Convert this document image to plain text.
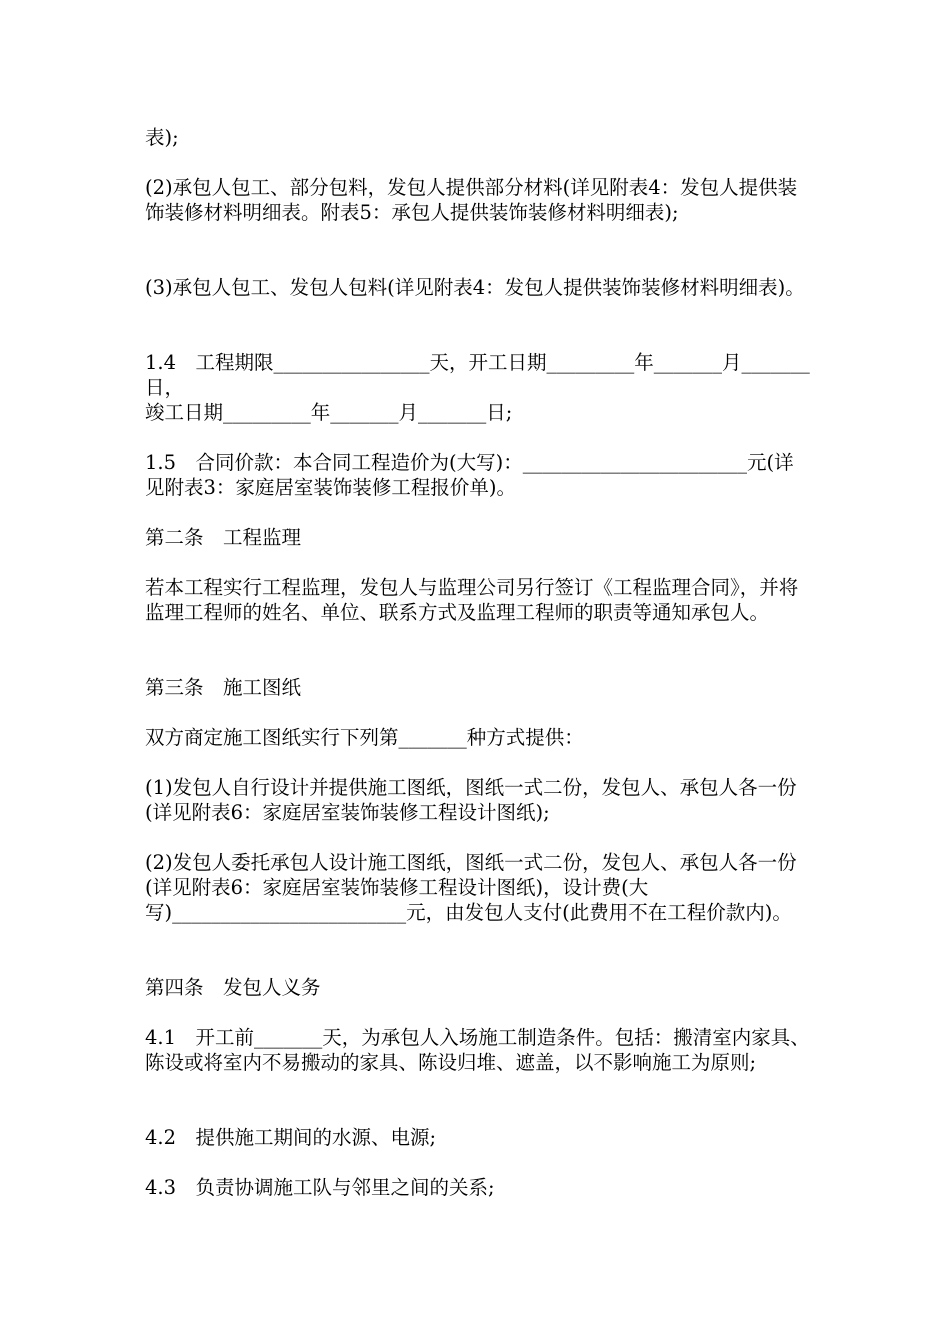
表);

(2)承包人包工、部分包料，发包人提供部分材料(详见附表4：发包人提供装饰装修材料明细表。附表5：承包人提供装饰装修材料明细表);

(3)承包人包工、发包人包料(详见附表4：发包人提供装饰装修材料明细表)。

1.4　工程期限________________天，开工日期_________年_______月_______日，
竣工日期_________年_______月_______日;

1.5　合同价款：本合同工程造价为(大写)：_______________________元(详见附表3：家庭居室装饰装修工程报价单)。

第二条　工程监理

若本工程实行工程监理，发包人与监理公司另行签订《工程监理合同》，并将监理工程师的姓名、单位、联系方式及监理工程师的职责等通知承包人。

第三条　施工图纸

双方商定施工图纸实行下列第_______种方式提供：

(1)发包人自行设计并提供施工图纸，图纸一式二份，发包人、承包人各一份(详见附表6：家庭居室装饰装修工程设计图纸);

(2)发包人委托承包人设计施工图纸，图纸一式二份，发包人、承包人各一份(详见附表6：家庭居室装饰装修工程设计图纸)，设计费(大写)________________________元，由发包人支付(此费用不在工程价款内)。

第四条　发包人义务

4.1　开工前_______天，为承包人入场施工制造条件。包括：搬清室内家具、陈设或将室内不易搬动的家具、陈设归堆、遮盖，以不影响施工为原则;

4.2　提供施工期间的水源、电源;

4.3　负责协调施工队与邻里之间的关系;
